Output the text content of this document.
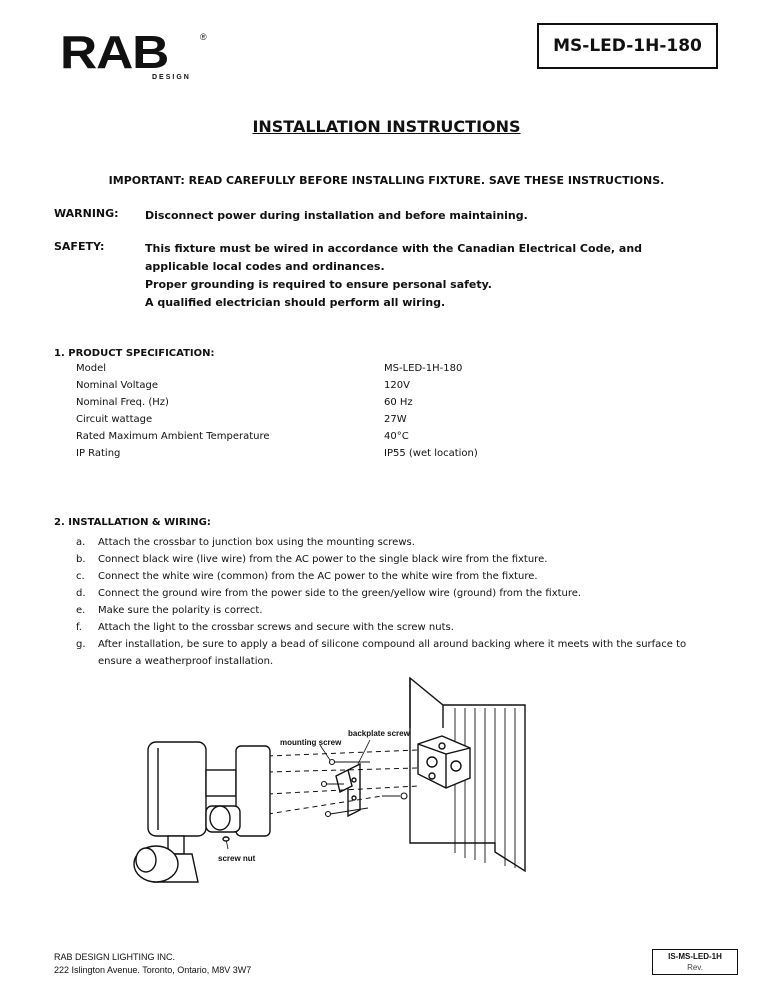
RAB	®
DESIGN
MS-LED-1H-180
INSTALLATION INSTRUCTIONS
IMPORTANT: READ CAREFULLY BEFORE INSTALLING FIXTURE. SAVE THESE INSTRUCTIONS.
WARNING: Disconnect power during installation and before maintaining.
SAFETY:	This fixture must be wired in accordance with the Canadian Electrical Code, and
applicable local codes and ordinances.
Proper grounding is required to ensure personal safety.
A qualified electrician should perform all wiring.
1. PRODUCT SPECIFICATION:
Model	MS-LED-1H-180
Nominal Voltage	120V
Nominal Freq. (Hz)	60 Hz
Circuit wattage	27W
Rated Maximum Ambient Temperature	40°C
IP Rating	IP55 (wet location)
2. INSTALLATION & WIRING:
a.	Attach the crossbar to junction box using the mounting screws.
b.	Connect black wire (live wire) from the AC power to the single black wire from the fixture.
c.	Connect the white wire (common) from the AC power to the white wire from the fixture.
d.	Connect the ground wire from the power side to the green/yellow wire (ground) from the fixture.
e.	Make sure the polarity is correct.
f.	Attach the light to the crossbar screws and secure with the screw nuts.
g.	After installation, be sure to apply a bead of silicone compound all around backing where it meets with the surface to ensure a weatherproof installation.
mounting screw
backplate screw
screw nut
RAB DESIGN LIGHTING INC.
222 Islington Avenue. Toronto, Ontario, M8V 3W7
IS-MS-LED-1H
Rev.
